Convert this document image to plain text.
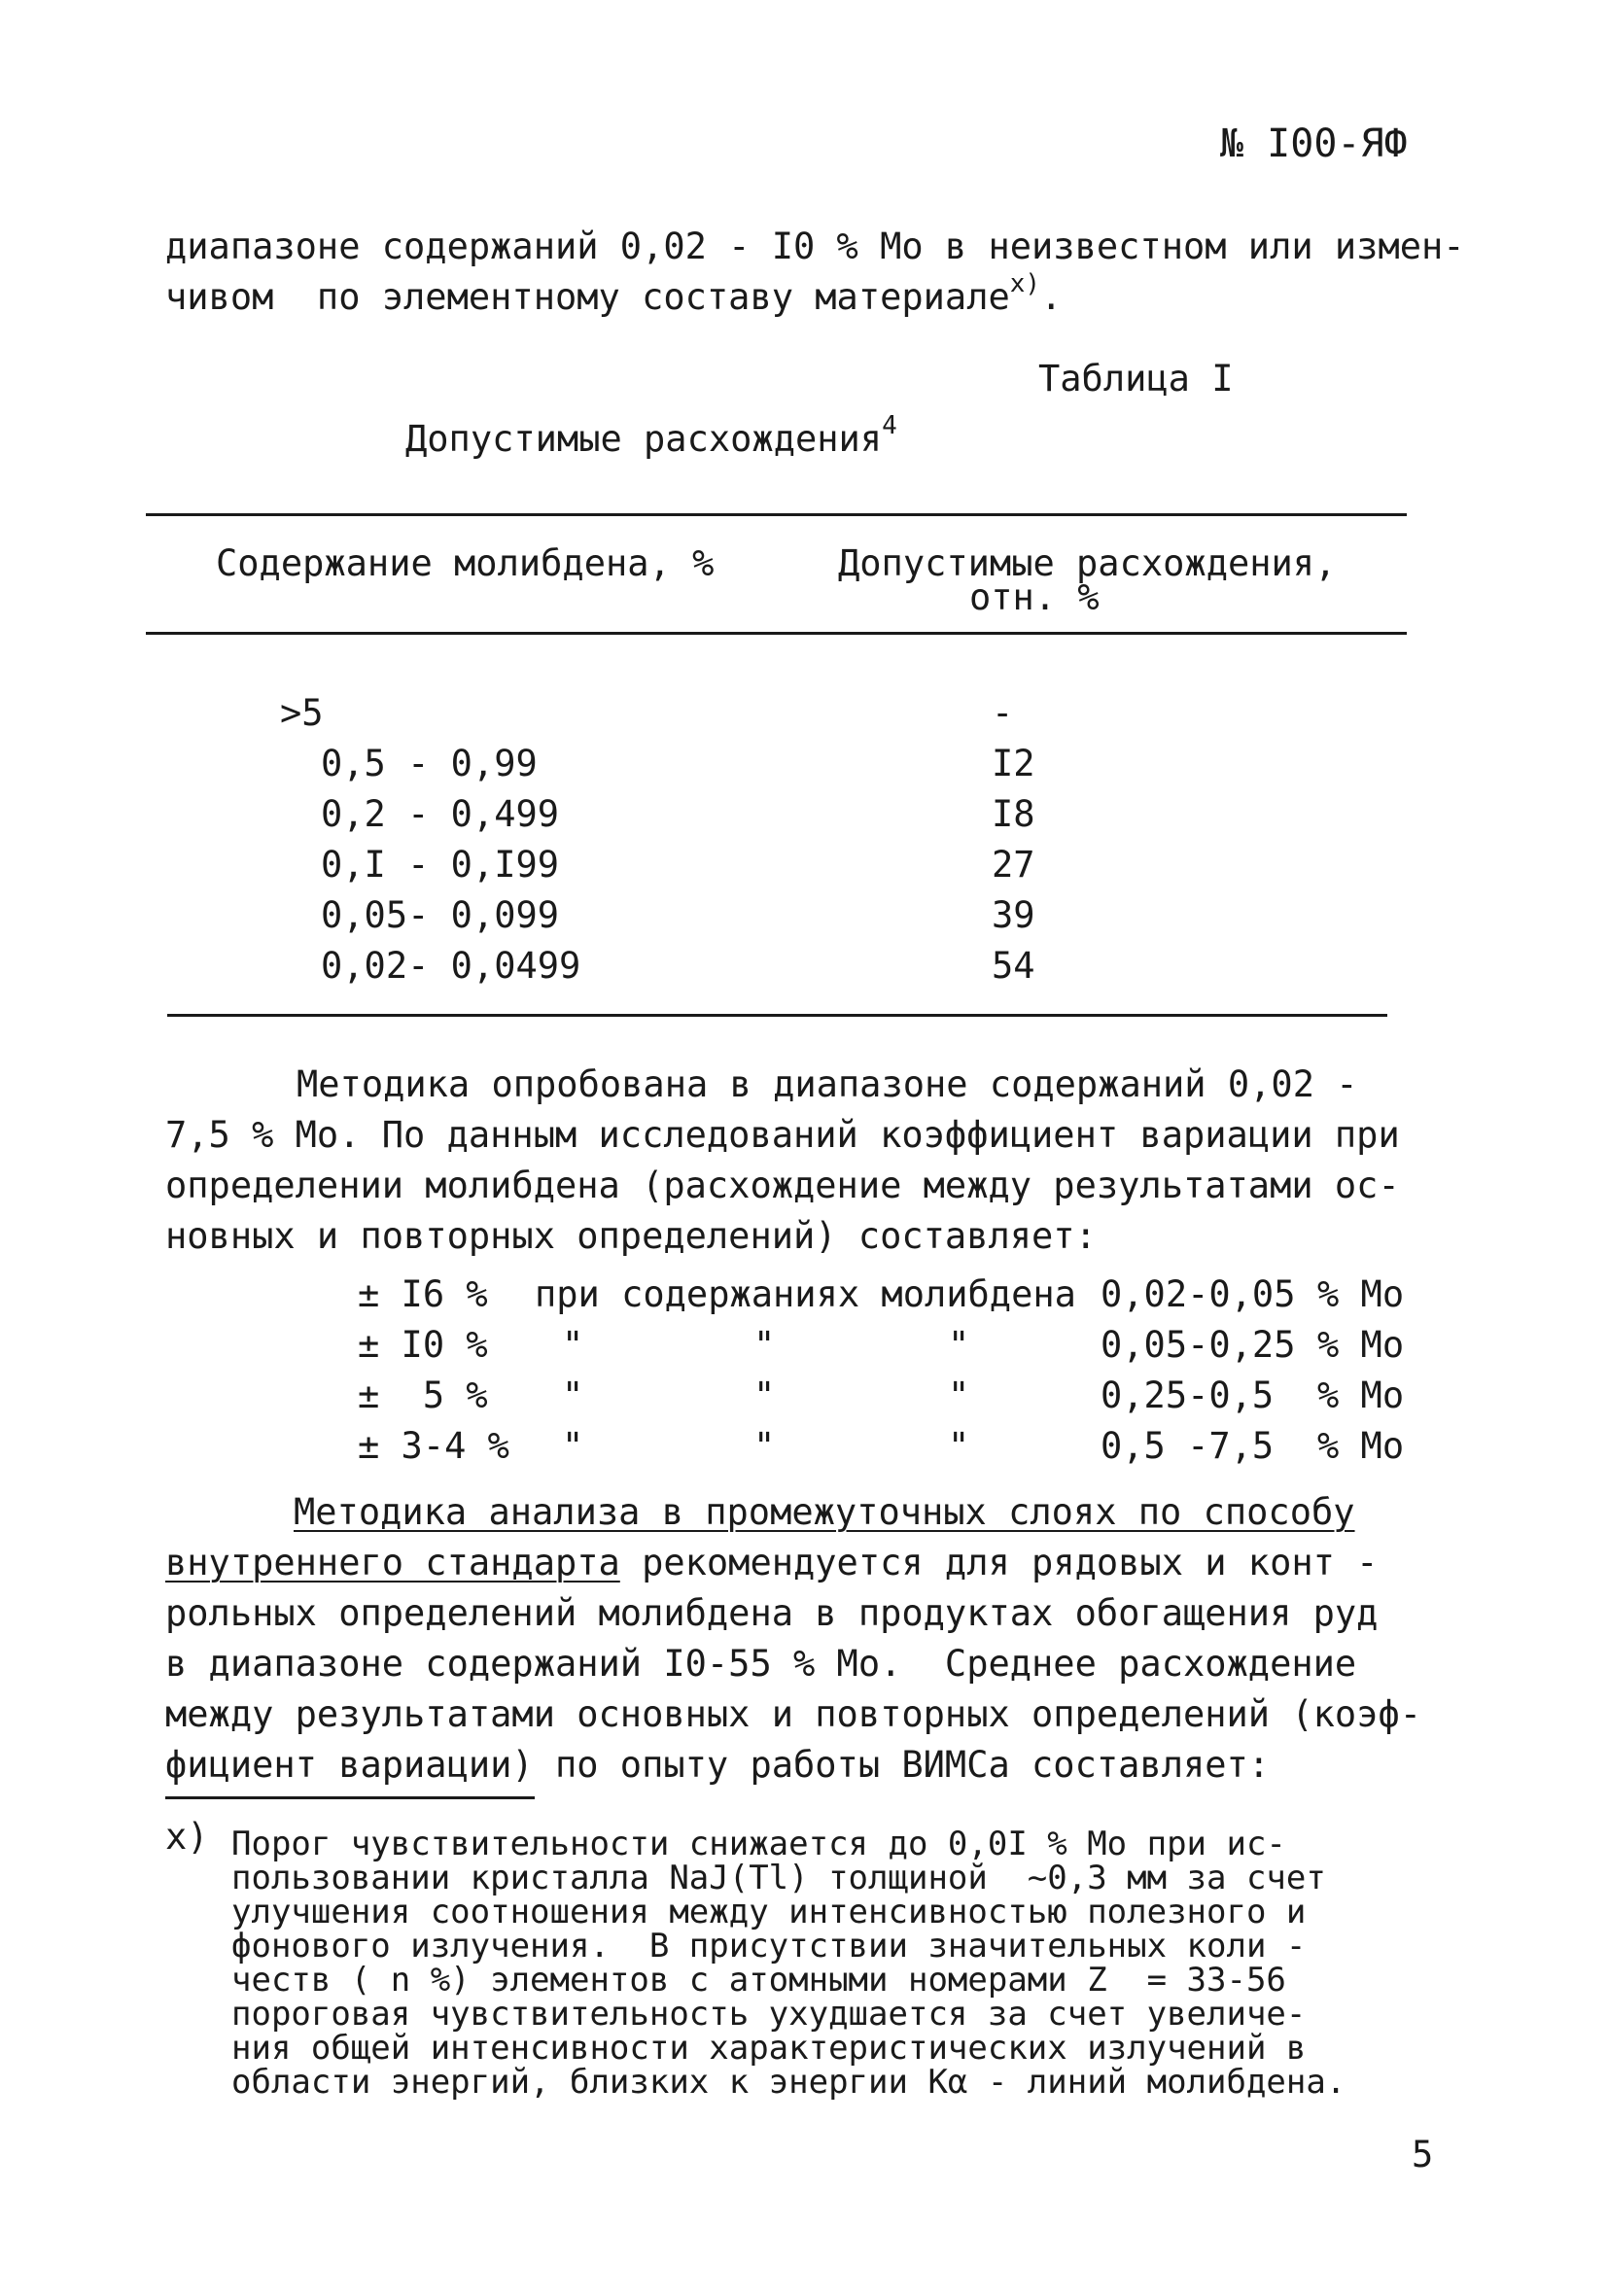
№ I00-ЯФ
диапазоне содержаний 0,02 - I0 % Mo в неизвестном или измен-
чивом  по элементному составу материале$^{x)}$.
Таблица I
Допустимые расхождения$^4$
Содержание молибдена, %	Допустимые расхождения,
отн. %
>5	-
0,5 - 0,99	I2
0,2 - 0,499	I8
0,I - 0,I99	27
0,05- 0,099	39
0,02- 0,0499	54
Методика опробована в диапазоне содержаний 0,02 -
7,5 % Mo. По данным исследований коэффициент вариации при
определении молибдена (расхождение между результатами ос-
новных и повторных определений) составляет:
± I6 % при содержаниях молибдена 0,02-0,05 % Mo
± I0 % "	"	"	0,05-0,25 % Mo
±  5 % "	"	"	0,25-0,5 % Mo
± 3-4 % "	"	"	0,5 -7,5 % Mo
Методика анализа в промежуточных слоях по способу
внутреннего стандарта рекомендуется для рядовых и конт -
рольных определений молибдена в продуктах обогащения руд
в диапазоне содержаний I0-55 % Mo.  Среднее расхождение
между результатами основных и повторных определений (коэф-
фициент вариации) по опыту работы ВИМСа составляет:
x) Порог чувствительности снижается до 0,0I % Mo при ис-
пользовании кристалла NaJ(Tl) толщиной  ~0,3 мм за счет
улучшения соотношения между интенсивностью полезного и
фонового излучения.  В присутствии значительных коли -
честв ( n %) элементов с атомными номерами Z  = 33-56
пороговая чувствительность ухудшается за счет увеличе-
ния общей интенсивности характеристических излучений в
области энергий, близких к энергии Kα - линий молибдена.
5
